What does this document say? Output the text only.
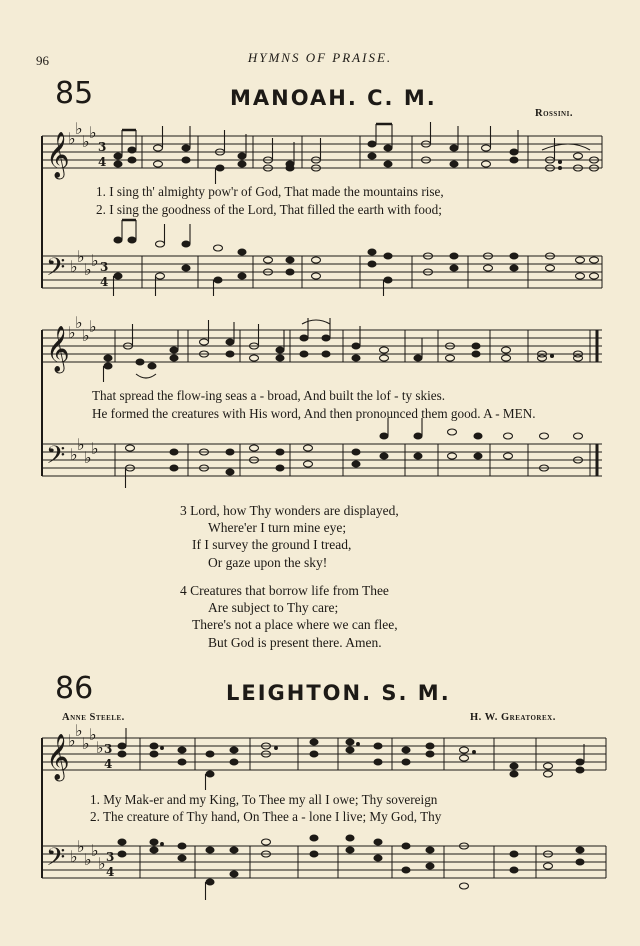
96	HYMNS OF PRAISE.
85	MANOAH. C. M.
Rossini.
𝄞
𝄢
♭
♭
♭ ♭
♭
♭
♭ ♭
3
4
3
4
1. I sing th' almighty pow'r of God, That made the mountains rise,
2. I sing the goodness of the Lord, That filled the earth with food;
𝄞
𝄢
♭
♭
♭ ♭
♭
♭
♭ ♭
That spread the flow-ing seas a - broad, And built the lof - ty skies.
He formed the creatures with His word, And then pronounced them good. A - MEN.
3 Lord, how Thy wonders are displayed,
Where'er I turn mine eye;
If I survey the ground I tread,
Or gaze upon the sky!
4 Creatures that borrow life from Thee
Are subject to Thy care;
There's not a place where we can flee,
But God is present there. Amen.
86	LEIGHTON. S. M.
Anne Steele.	H. W. Greatorex.
𝄞
𝄢
♭
♭
♭ ♭
♭
♭
♭
♭ ♭
♭
3
4
3
4
1. My Mak-er and my King, To Thee my all I owe; Thy sovereign
2. The creature of Thy hand, On Thee a - lone I live; My God, Thy
